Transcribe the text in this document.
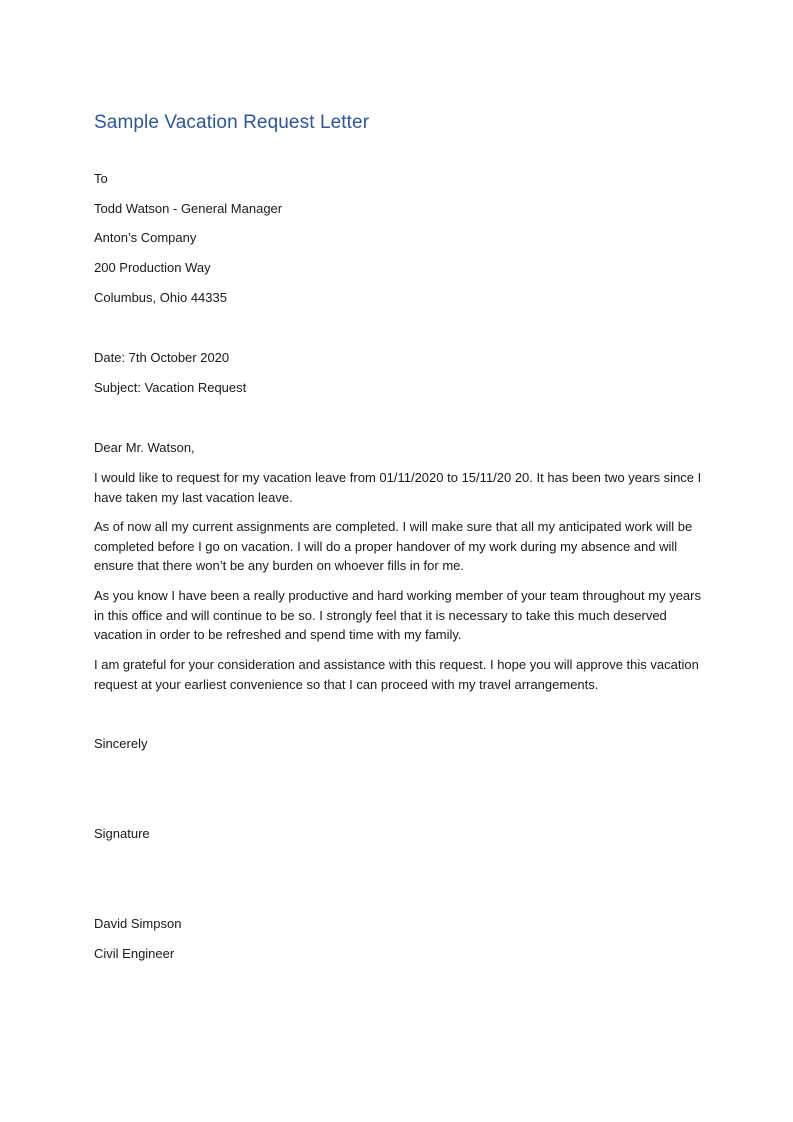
Sample Vacation Request Letter

To

Todd Watson - General Manager

Anton’s Company

200 Production Way

Columbus, Ohio 44335

Date: 7th October 2020

Subject: Vacation Request

Dear Mr. Watson,

I would like to request for my vacation leave from 01/11/2020 to 15/11/20 20. It has been two years since I have taken my last vacation leave.

As of now all my current assignments are completed. I will make sure that all my anticipated work will be completed before I go on vacation. I will do a proper handover of my work during my absence and will ensure that there won’t be any burden on whoever fills in for me.

As you know I have been a really productive and hard working member of your team throughout my years in this office and will continue to be so. I strongly feel that it is necessary to take this much deserved vacation in order to be refreshed and spend time with my family.

I am grateful for your consideration and assistance with this request. I hope you will approve this vacation request at your earliest convenience so that I can proceed with my travel arrangements.

Sincerely

Signature

David Simpson

Civil Engineer
